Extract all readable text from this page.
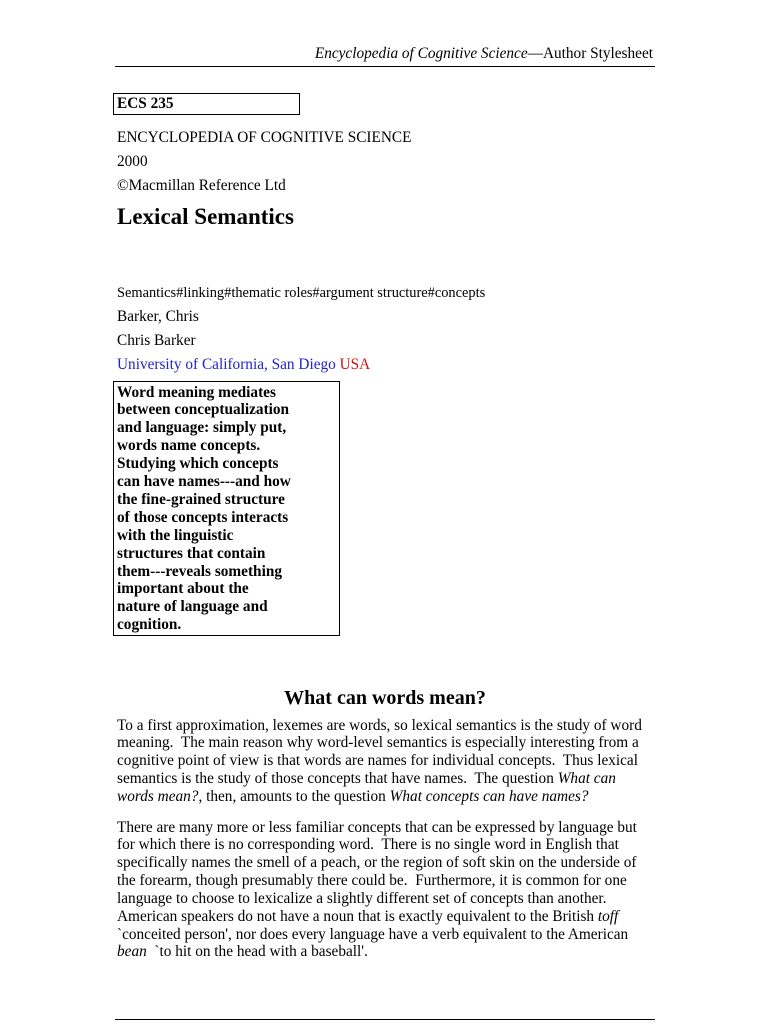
Encyclopedia of Cognitive Science—Author Stylesheet
ECS 235
ENCYCLOPEDIA OF COGNITIVE SCIENCE
2000
©Macmillan Reference Ltd
Lexical Semantics
Semantics#linking#thematic roles#argument structure#concepts
Barker, Chris
Chris Barker
University of California, San Diego USA
Word meaning mediates
between conceptualization
and language: simply put,
words name concepts.
Studying which concepts
can have names---and how
the fine-grained structure
of those concepts interacts
with the linguistic
structures that contain
them---reveals something
important about the
nature of language and
cognition.
What can words mean?
To a first approximation, lexemes are words, so lexical semantics is the study of word
meaning.  The main reason why word-level semantics is especially interesting from a
cognitive point of view is that words are names for individual concepts.  Thus lexical
semantics is the study of those concepts that have names.  The question What can
words mean?, then, amounts to the question What concepts can have names?
There are many more or less familiar concepts that can be expressed by language but
for which there is no corresponding word.  There is no single word in English that
specifically names the smell of a peach, or the region of soft skin on the underside of
the forearm, though presumably there could be.  Furthermore, it is common for one
language to choose to lexicalize a slightly different set of concepts than another.
American speakers do not have a noun that is exactly equivalent to the British toff
`conceited person', nor does every language have a verb equivalent to the American
bean  `to hit on the head with a baseball'.
